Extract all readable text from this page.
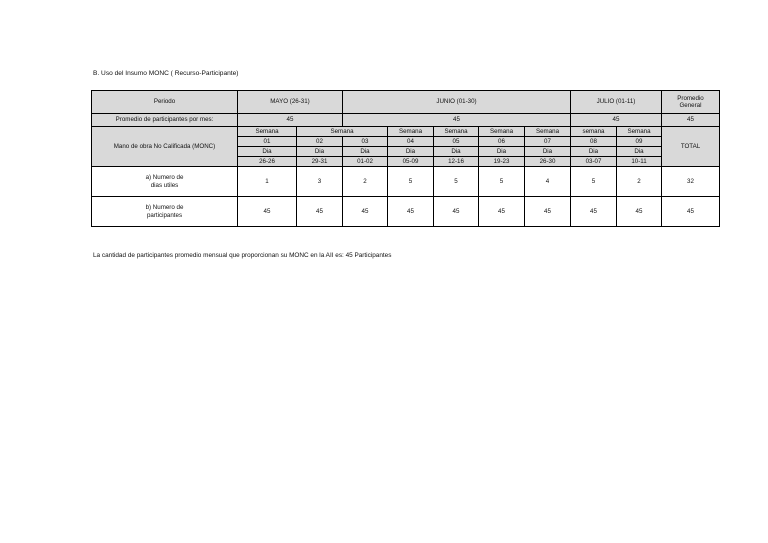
B. Uso del Insumo MONC ( Recurso-Participante)
Periodo	MAYO (26-31)		JUNIO (01-30)					JULIO (01-11)		Promedio
General
Promedio de participantes por mes:	45		45					45		45
Mano de obra No Calificada (MONC)	Semana	Semana		Semana	Semana	Semana	Semana	semana	Semana	TOTAL
	01	02	03	04	05	06	07	08	09	
	Dia	Dia	Dia	Dia	Dia	Dia	Dia	Dia	Dia	
	26-26	29-31	01-02	05-09	12-16	19-23	26-30	03-07	10-11	
a) Numero de
dias utiles	1	3	2	5	5	5	4	5	2	32
b) Numero de
participantes	45	45	45	45	45	45	45	45	45	45
La cantidad de participantes promedio mensual que proporcionan su MONC en la AII es: 45 Participantes
